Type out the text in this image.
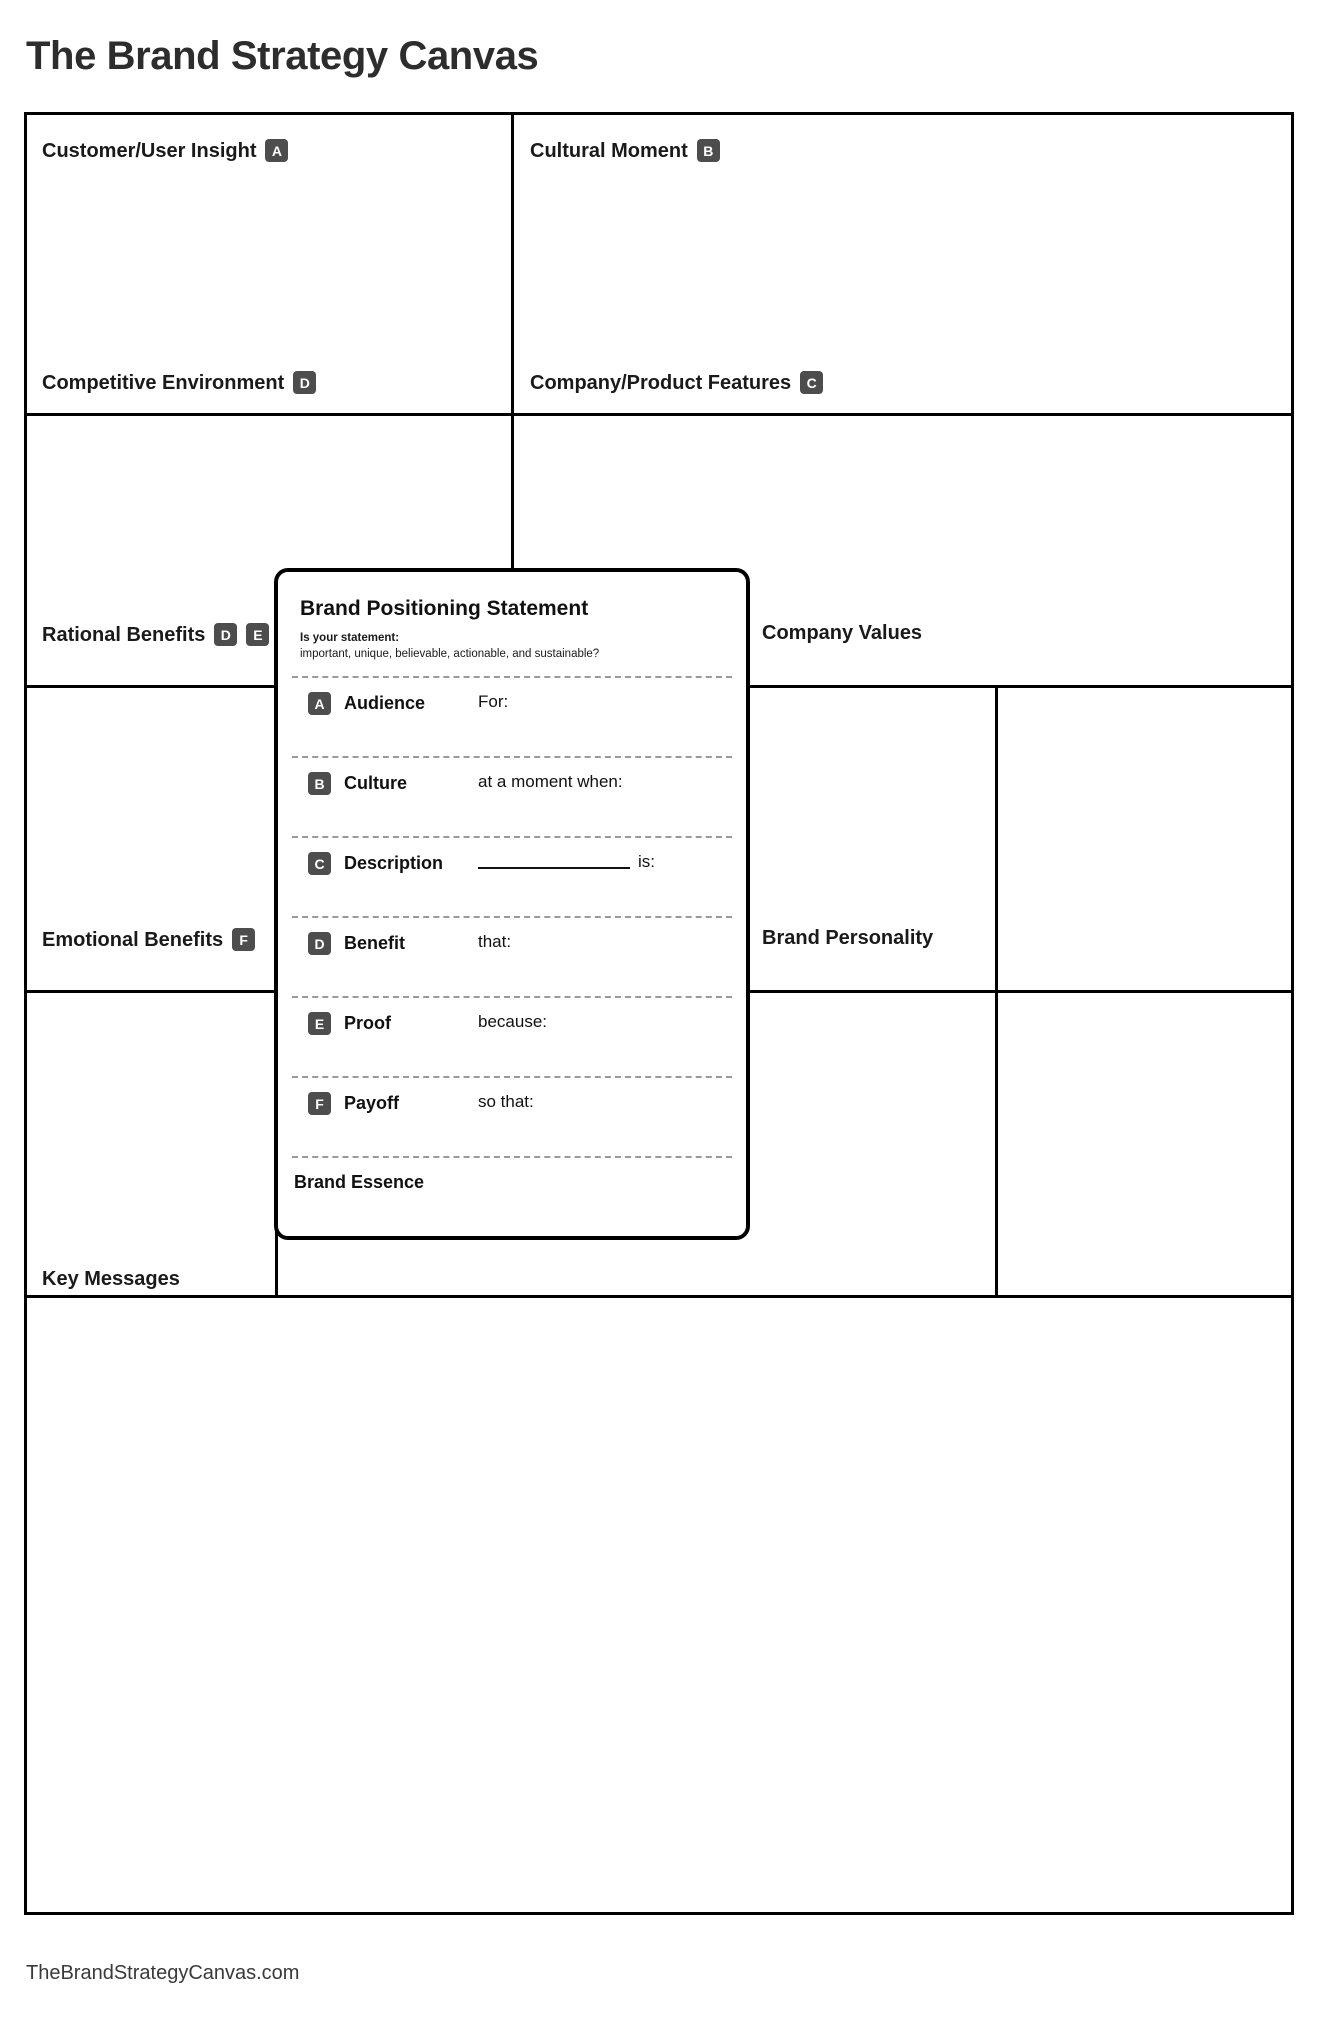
The Brand Strategy Canvas
Customer/User Insight	A	Cultural Moment	B
Competitive Environment	D	Company/Product Features	C
Rational Benefits	D	E	Company Values
Emotional Benefits	F	Brand Personality
Key Messages
Brand Positioning Statement
Is your statement:
important, unique, believable, actionable, and sustainable?
A	Audience	For:
B	Culture	at a moment when:
C	Description	is:
D	Benefit	that:
E	Proof	because:
F	Payoff	so that:
Brand Essence
TheBrandStrategyCanvas.com
